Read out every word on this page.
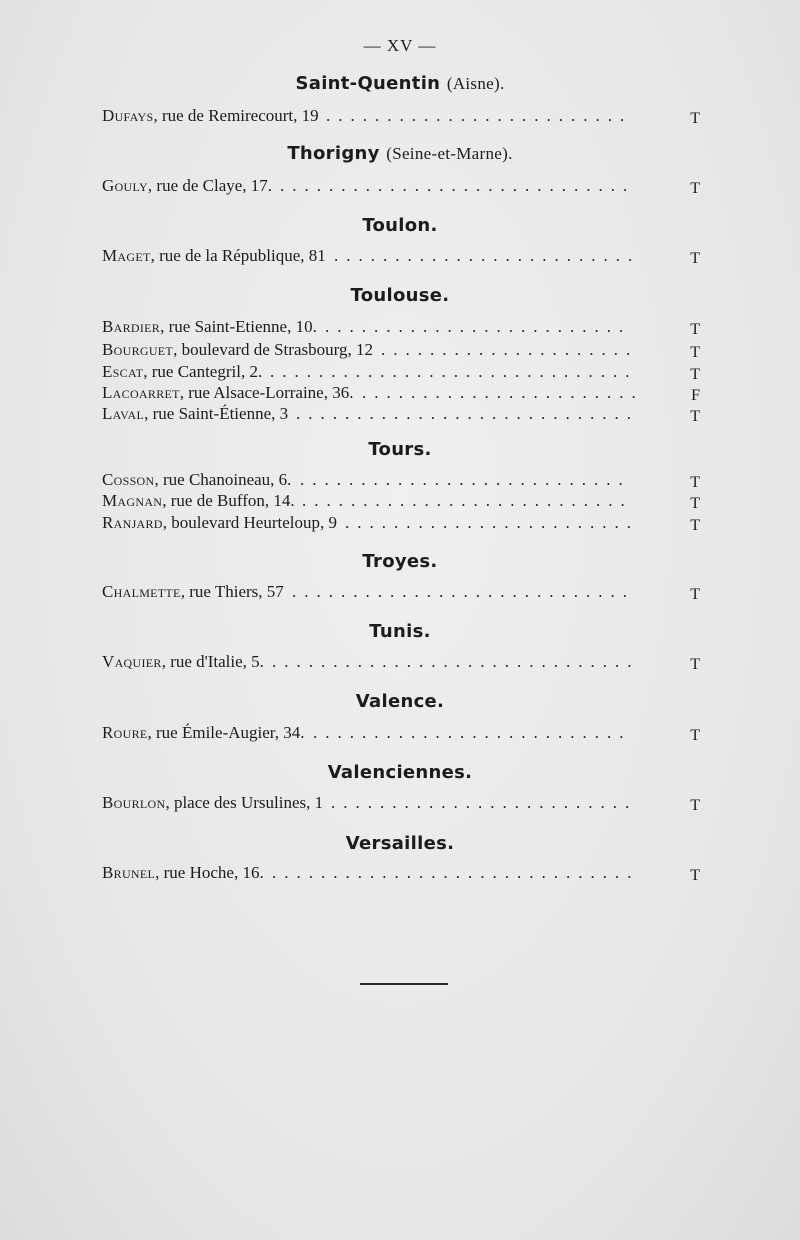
— XV —
Saint-Quentin (Aisne).
Dufays, rue de Remirecourt, 19 .........................	T
Thorigny (Seine-et-Marne).
Gouly, rue de Claye, 17. .............................	T
Toulon.
Maget, rue de la République, 81 .........................	T
Toulouse.
Bardier, rue Saint-Etienne, 10. .........................	T
Bourguet, boulevard de Strasbourg, 12 .....................	T
Escat, rue Cantegril, 2. ..............................	T
Lacoarret, rue Alsace-Lorraine, 36. .......................	F
Laval, rue Saint-Étienne, 3 ............................	T
Tours.
Cosson, rue Chanoineau, 6. ...........................	T
Magnan, rue de Buffon, 14. ...........................	T
Ranjard, boulevard Heurteloup, 9 ........................	T
Troyes.
Chalmette, rue Thiers, 57 ............................	T
Tunis.
Vaquier, rue d'Italie, 5. ..............................	T
Valence.
Roure, rue Émile-Augier, 34. ..........................	T
Valenciennes.
Bourlon, place des Ursulines, 1 .........................	T
Versailles.
Brunel, rue Hoche, 16. ..............................	T
